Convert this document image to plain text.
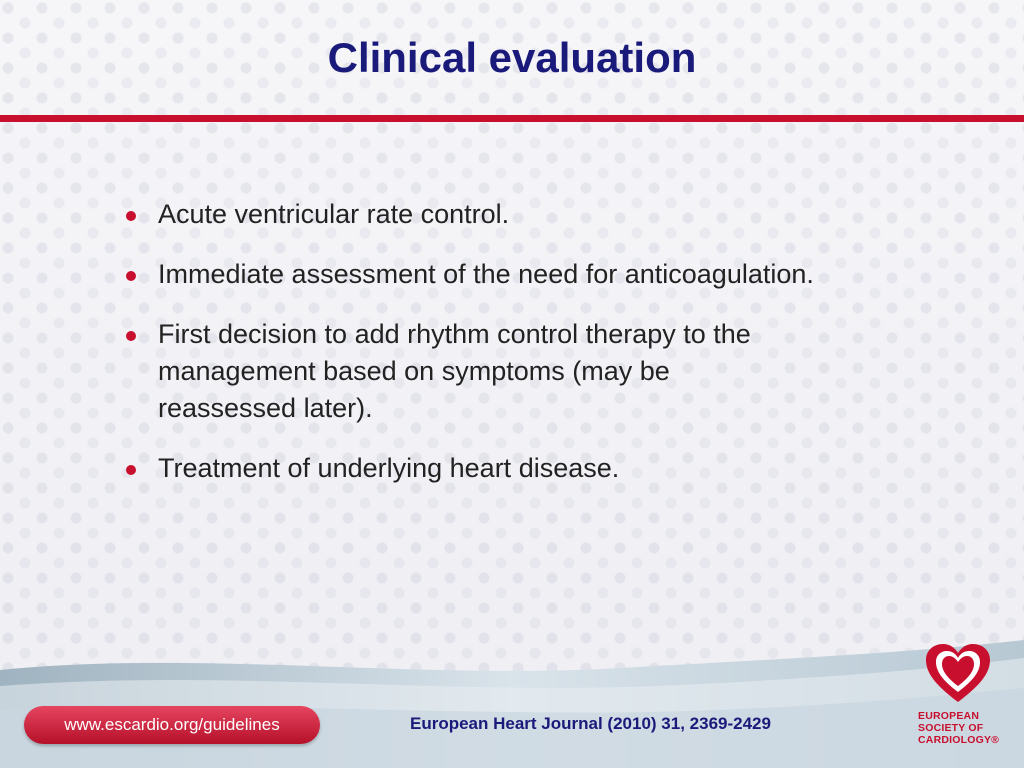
Clinical evaluation
Acute ventricular rate control.
Immediate assessment of the need for anticoagulation.
First decision to add rhythm control therapy to the management based on symptoms (may be reassessed later).
Treatment of underlying heart disease.
www.escardio.org/guidelines	European Heart Journal (2010) 31, 2369-2429	EUROPEAN
SOCIETY OF
CARDIOLOGY®
